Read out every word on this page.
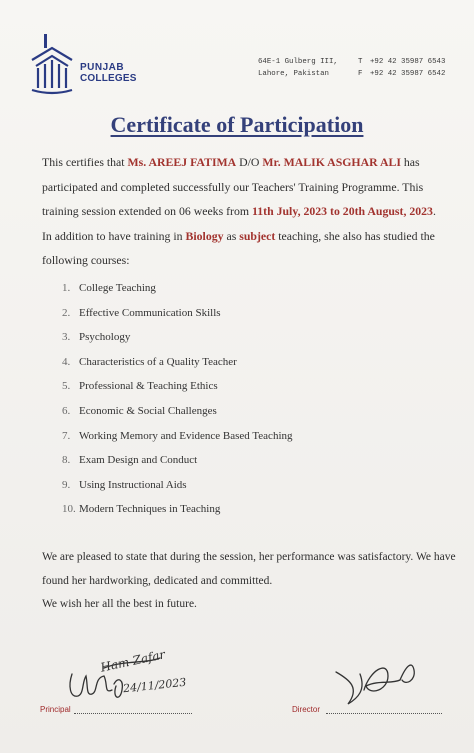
PUNJAB
COLLEGES
64E-1 Gulberg III,	T	+92 42 35987 6543
Lahore, Pakistan	F	+92 42 35987 6542
Certificate of Participation
This certifies that Ms. AREEJ FATIMA D/O Mr. MALIK ASGHAR ALI has participated and completed successfully our Teachers' Training Programme. This training session extended on 06 weeks from 11th July, 2023 to 20th August, 2023.
In addition to have training in Biology as subject teaching, she also has studied the following courses:
1. College Teaching
2. Effective Communication Skills
3. Psychology
4. Characteristics of a Quality Teacher
5. Professional & Teaching Ethics
6. Economic & Social Challenges
7. Working Memory and Evidence Based Teaching
8. Exam Design and Conduct
9. Using Instructional Aids
10. Modern Techniques in Teaching
We are pleased to state that during the session, her performance was satisfactory. We have found her hardworking, dedicated and committed.
We wish her all the best in future.
Ham Zafar
24/11/2023
Principal	Director
